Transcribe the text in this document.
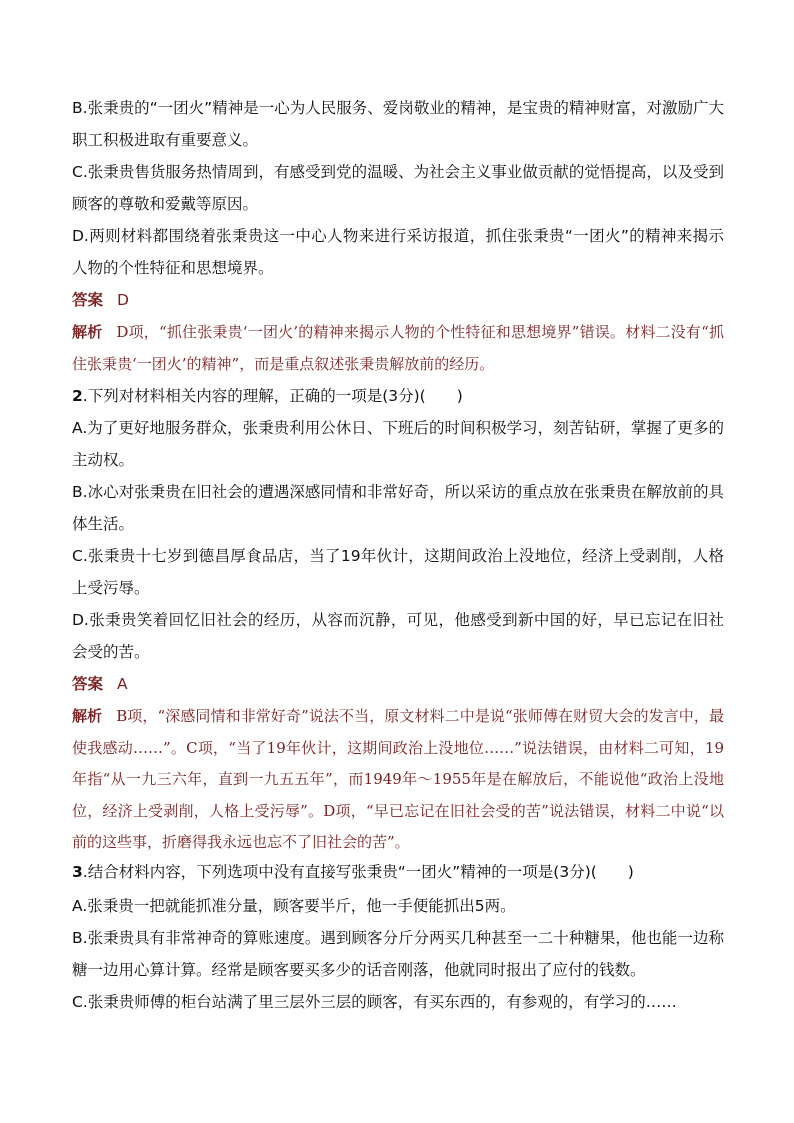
B.张秉贵的“一团火”精神是一心为人民服务、爱岗敬业的精神，是宝贵的精神财富，对激励广大职工积极进取有重要意义。

C.张秉贵售货服务热情周到，有感受到党的温暖、为社会主义事业做贡献的觉悟提高，以及受到顾客的尊敬和爱戴等原因。

D.两则材料都围绕着张秉贵这一中心人物来进行采访报道，抓住张秉贵“一团火”的精神来揭示人物的个性特征和思想境界。

答案 D

解析 D项，“抓住张秉贵‘一团火’的精神来揭示人物的个性特征和思想境界”错误。材料二没有“抓住张秉贵‘一团火’的精神”，而是重点叙述张秉贵解放前的经历。

2.下列对材料相关内容的理解，正确的一项是(3分)(　　)

A.为了更好地服务群众，张秉贵利用公休日、下班后的时间积极学习，刻苦钻研，掌握了更多的主动权。

B.冰心对张秉贵在旧社会的遭遇深感同情和非常好奇，所以采访的重点放在张秉贵在解放前的具体生活。

C.张秉贵十七岁到德昌厚食品店，当了19年伙计，这期间政治上没地位，经济上受剥削，人格上受污辱。

D.张秉贵笑着回忆旧社会的经历，从容而沉静，可见，他感受到新中国的好，早已忘记在旧社会受的苦。

答案 A

解析 B项，“深感同情和非常好奇”说法不当，原文材料二中是说“张师傅在财贸大会的发言中，最使我感动……”。C项，“当了19年伙计，这期间政治上没地位……”说法错误，由材料二可知，19年指“从一九三六年，直到一九五五年”，而1949年～1955年是在解放后，不能说他“政治上没地位，经济上受剥削，人格上受污辱”。D项，“早已忘记在旧社会受的苦”说法错误，材料二中说“以前的这些事，折磨得我永远也忘不了旧社会的苦”。

3.结合材料内容，下列选项中没有直接写张秉贵“一团火”精神的一项是(3分)(　　)

A.张秉贵一把就能抓准分量，顾客要半斤，他一手便能抓出5两。

B.张秉贵具有非常神奇的算账速度。遇到顾客分斤分两买几种甚至一二十种糖果，他也能一边称糖一边用心算计算。经常是顾客要买多少的话音刚落，他就同时报出了应付的钱数。

C.张秉贵师傅的柜台站满了里三层外三层的顾客，有买东西的，有参观的，有学习的……
